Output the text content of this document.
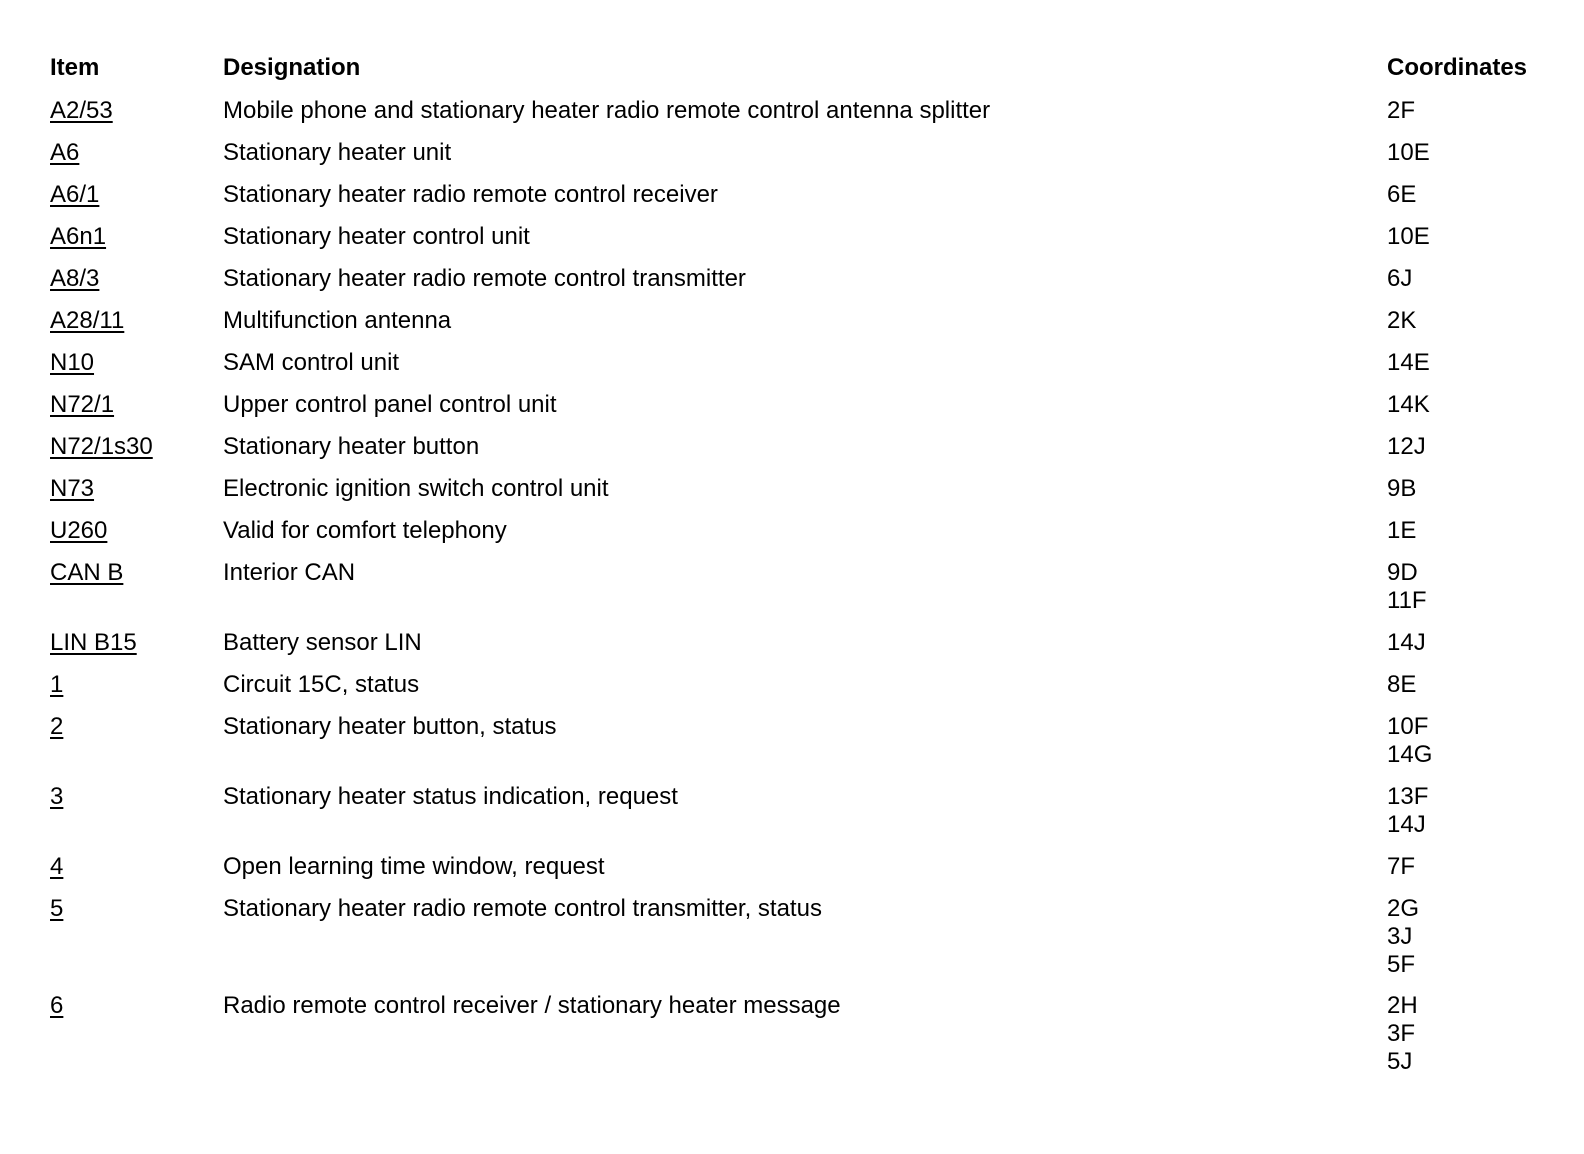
Item	Designation	Coordinates
A2/53	Mobile phone and stationary heater radio remote control antenna splitter	2F
A6	Stationary heater unit	10E
A6/1	Stationary heater radio remote control receiver	6E
A6n1	Stationary heater control unit	10E
A8/3	Stationary heater radio remote control transmitter	6J
A28/11	Multifunction antenna	2K
N10	SAM control unit	14E
N72/1	Upper control panel control unit	14K
N72/1s30	Stationary heater button	12J
N73	Electronic ignition switch control unit	9B
U260	Valid for comfort telephony	1E
CAN B	Interior CAN	9D
11F
LIN B15	Battery sensor LIN	14J
1	Circuit 15C, status	8E
2	Stationary heater button, status	10F
14G
3	Stationary heater status indication, request	13F
14J
4	Open learning time window, request	7F
5	Stationary heater radio remote control transmitter, status	2G
3J
5F
6	Radio remote control receiver / stationary heater message	2H
3F
5J
